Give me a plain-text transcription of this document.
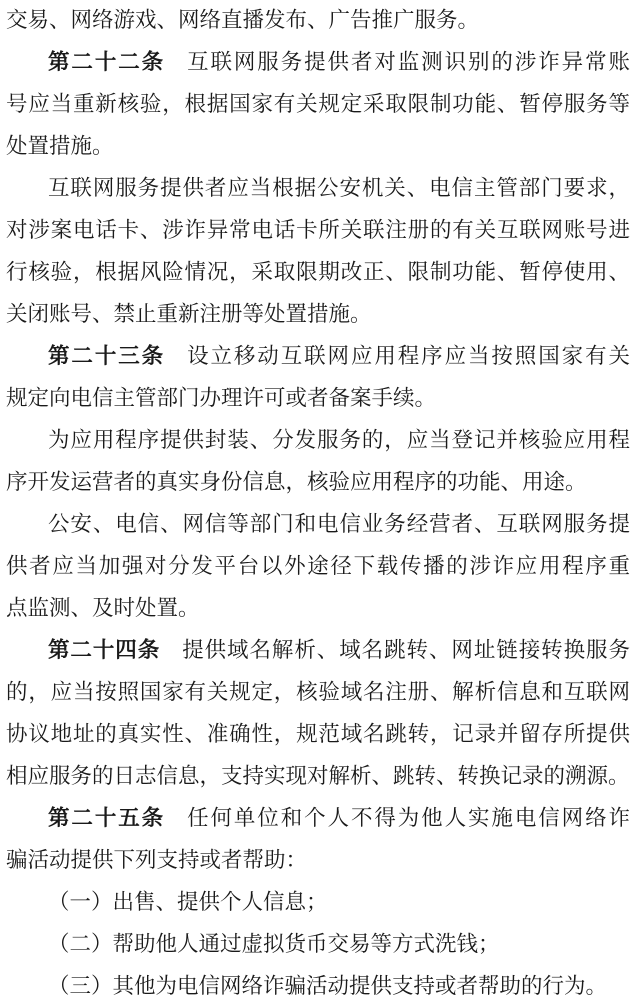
交易、网络游戏、网络直播发布、广告推广服务。
第二十二条 互联网服务提供者对监测识别的涉诈异常账
号应当重新核验，根据国家有关规定采取限制功能、暂停服务等
处置措施。
互联网服务提供者应当根据公安机关、电信主管部门要求，
对涉案电话卡、涉诈异常电话卡所关联注册的有关互联网账号进
行核验，根据风险情况，采取限期改正、限制功能、暂停使用、
关闭账号、禁止重新注册等处置措施。
第二十三条 设立移动互联网应用程序应当按照国家有关
规定向电信主管部门办理许可或者备案手续。
为应用程序提供封装、分发服务的，应当登记并核验应用程
序开发运营者的真实身份信息，核验应用程序的功能、用途。
公安、电信、网信等部门和电信业务经营者、互联网服务提
供者应当加强对分发平台以外途径下载传播的涉诈应用程序重
点监测、及时处置。
第二十四条 提供域名解析、域名跳转、网址链接转换服务
的，应当按照国家有关规定，核验域名注册、解析信息和互联网
协议地址的真实性、准确性，规范域名跳转，记录并留存所提供
相应服务的日志信息，支持实现对解析、跳转、转换记录的溯源。
第二十五条 任何单位和个人不得为他人实施电信网络诈
骗活动提供下列支持或者帮助：
（一）出售、提供个人信息；
（二）帮助他人通过虚拟货币交易等方式洗钱；
（三）其他为电信网络诈骗活动提供支持或者帮助的行为。
